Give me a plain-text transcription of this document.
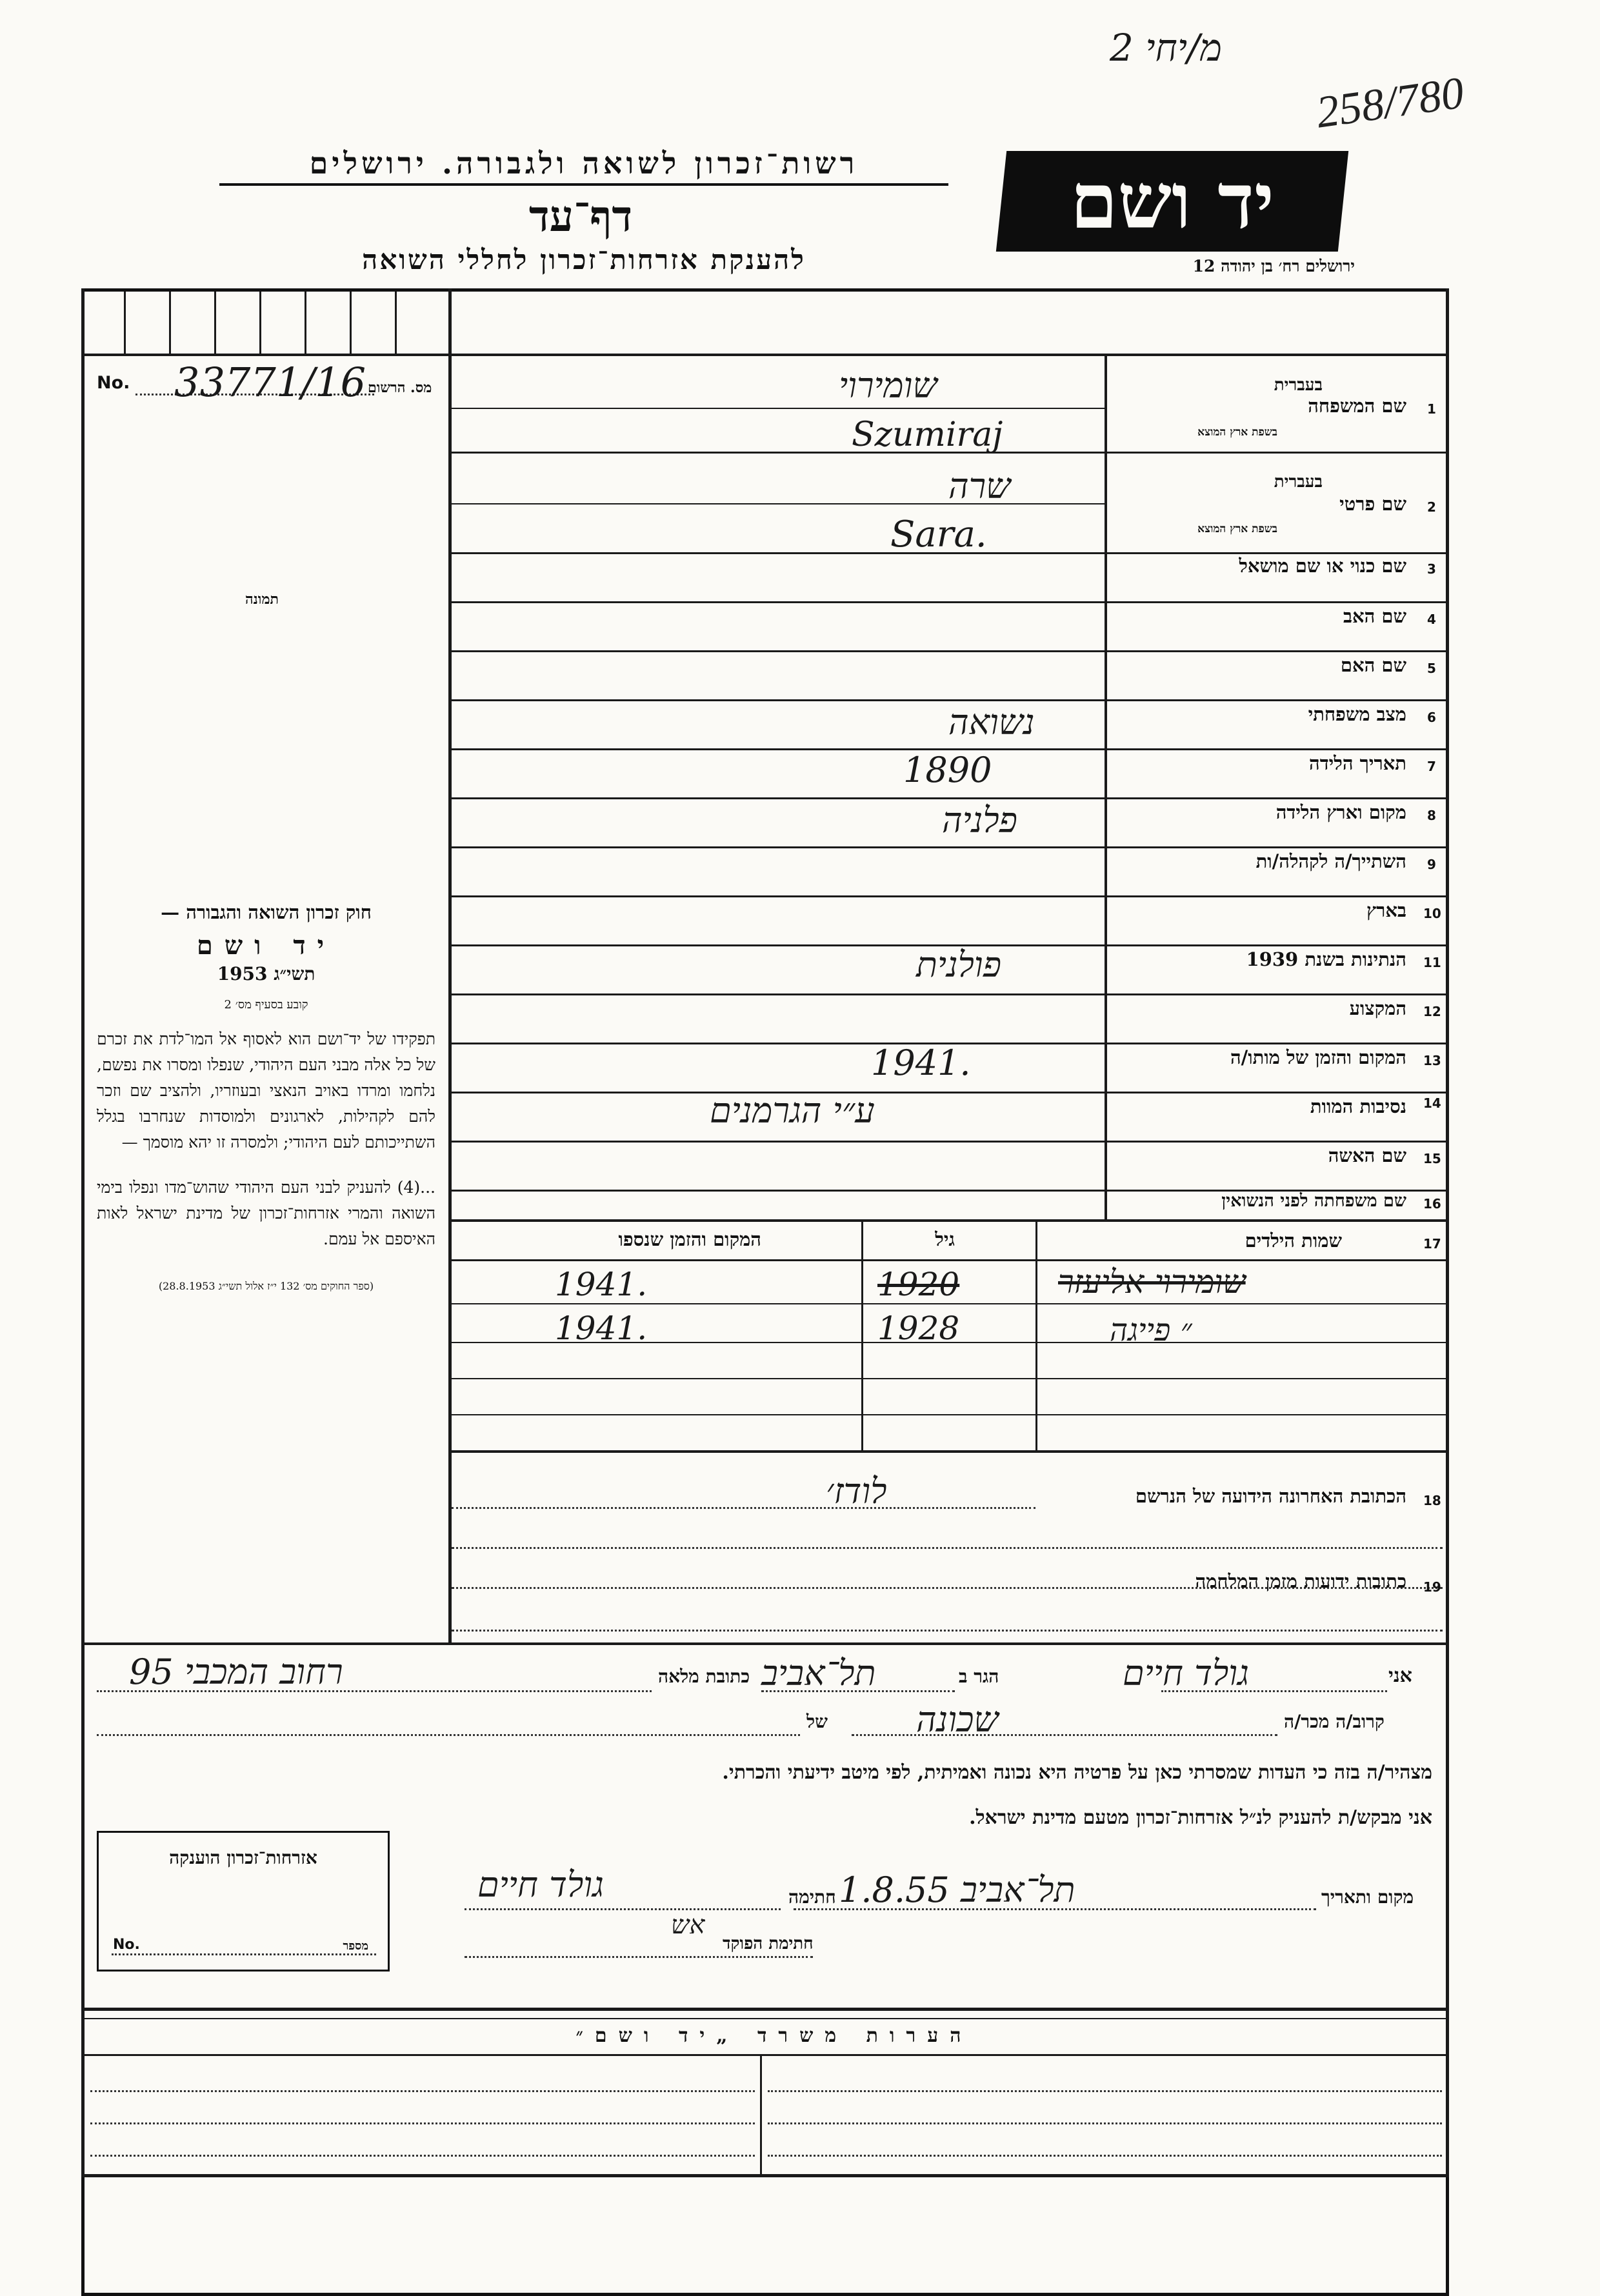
מ/יחי 2
258/780
רשות־זכרון לשואה ולגבורה. ירושלים
דף־עד
להענקת אזרחות־זכרון לחללי השואה
יד ושם
ירושלים רח׳ בן יהודה 12
No. 33771/16 מס. הרשום
תמונה

חוק זכרון השואה והגבורה —

יד ושם

תשי״ג 1953

קובע בסעיף מס׳ 2

תפקידו של יד־ושם הוא לאסוף אל המו־לדת את זכרם של כל אלה מבני העם היהודי, שנפלו ומסרו את נפשם, נלחמו ומרדו באויב הנאצי ובעוזריו, ולהציב שם וזכר להם לקהילות, לארגונים ולמוסדות שנחרבו בגלל השתייכותם לעם היהודי; ולמסרה זו יהא מוסמך —

...(4) להעניק לבני העם היהודי שהוש־מדו ונפלו בימי השואה והמרי אזרחות־זכרון של מדינת ישראל לאות האיספם אל עמם.

(ספר החוקים מס׳ 132 י״ז אלול תשי״ג 28.8.1953)

שם המשפחה 1
בעברית
בשפת ארץ המוצא
שומירוי
Szumiraj
שם פרטי 2
בעברית
בשפת ארץ המוצא
שרה
Sara.
שם כנוי או שם מושאל 3
שם האב 4
שם האם 5
מצב משפחתי 6
נשואה
תאריך הלידה 7
1890
מקום וארץ הלידה 8
פלניה
השתייך/ה לקהלה/ות 9
בארץ 10
הנתינות בשנת 1939 11
פולנית
המקצוע 12
המקום והזמן של מותו/ה 13
1941.
נסיבות המוות 14
ע״י הגרמנים
שם האשה 15
שם משפחתה לפני הנשואין 16
17
שמות הילדים
גיל
המקום והזמן שנספו
שומירוי אליעזר
1920
1941.
״ פייגה
1928
1941.
18
הכתובת האחרונה הידועה של הנרשם
לודז׳
19
כתובות ידועות מזמן המלחמה
אני
גולד חיים
הגר ב
תל־אביב
כתובת מלאה
רחוב המכבי 95
קרוב/ה מכר/ה
שכונה
של
מצהיר/ה בזה כי העדות שמסרתי כאן על פרטיה היא נכונה ואמיתית, לפי מיטב ידיעתי והכרתי.
אני מבקש/ת להעניק לנ״ל אזרחות־זכרון מטעם מדינת ישראל.
מקום ותאריך
תל־אביב 1.8.55
חתימה
גולד חיים
אש
חתימת הפוקד
אזרחות־זכרון הוענקה
No.	מספר
הערות משרד „יד ושם״
